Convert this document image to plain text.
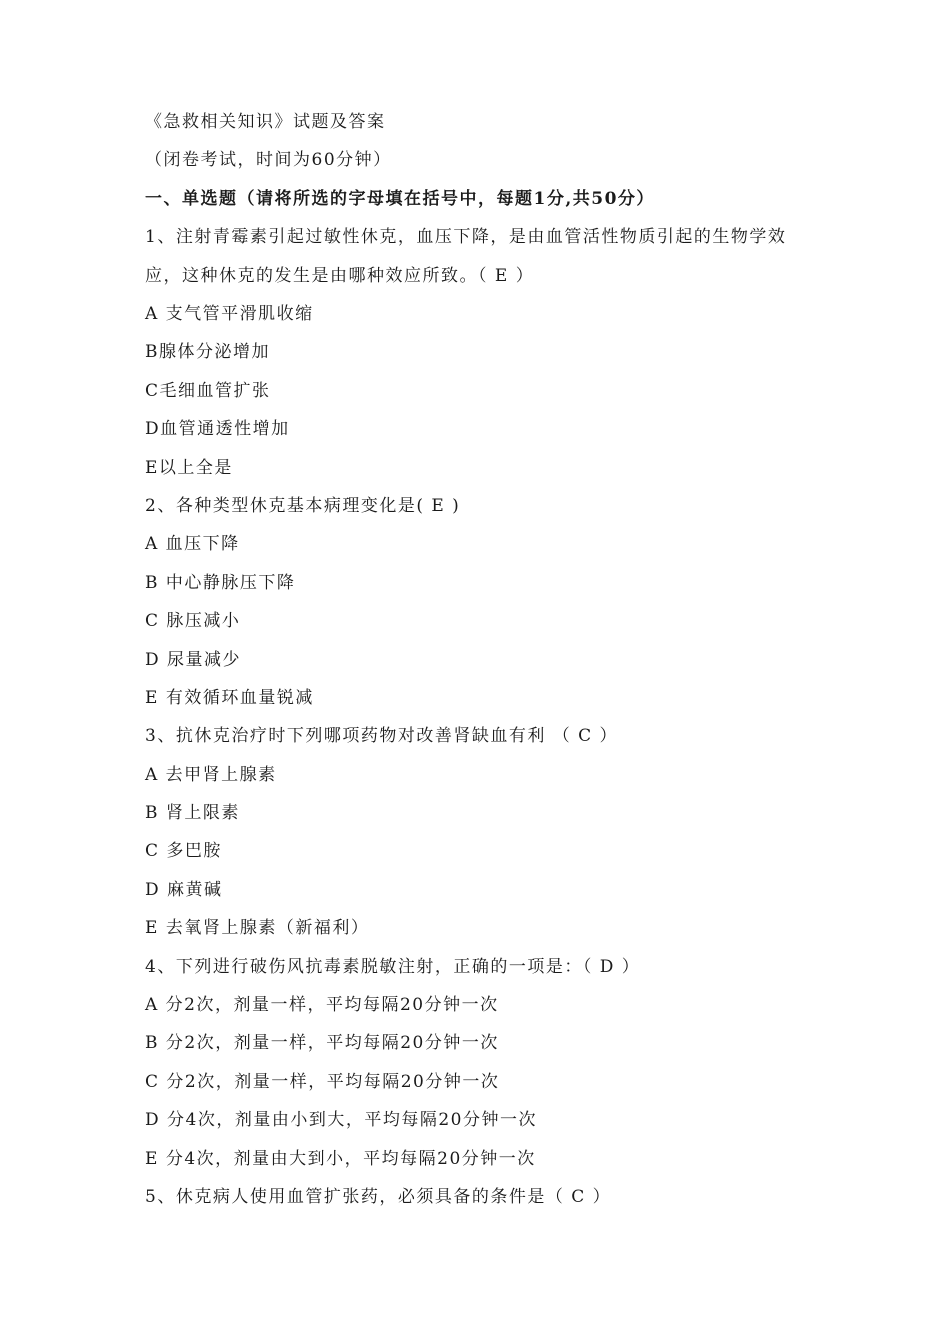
《急救相关知识》试题及答案
（闭卷考试，时间为60分钟）
一、单选题（请将所选的字母填在括号中，每题1分,共50分）
1、注射青霉素引起过敏性休克，血压下降，是由血管活性物质引起的生物学效应，这种休克的发生是由哪种效应所致。（ E ）
A 支气管平滑肌收缩
B腺体分泌增加
C毛细血管扩张
D血管通透性增加
E以上全是
2、各种类型休克基本病理变化是( E )
A 血压下降
B 中心静脉压下降
C 脉压减小
D 尿量减少
E 有效循环血量锐减
3、抗休克治疗时下列哪项药物对改善肾缺血有利 （ C ）
A 去甲肾上腺素
B 肾上限素
C 多巴胺
D 麻黄碱
E 去氧肾上腺素（新福利）
4、下列进行破伤风抗毒素脱敏注射，正确的一项是：（ D ）
A 分2次，剂量一样，平均每隔20分钟一次
B 分2次，剂量一样，平均每隔20分钟一次
C 分2次，剂量一样，平均每隔20分钟一次
D 分4次，剂量由小到大，平均每隔20分钟一次
E 分4次，剂量由大到小，平均每隔20分钟一次
5、休克病人使用血管扩张药，必须具备的条件是（ C ）
